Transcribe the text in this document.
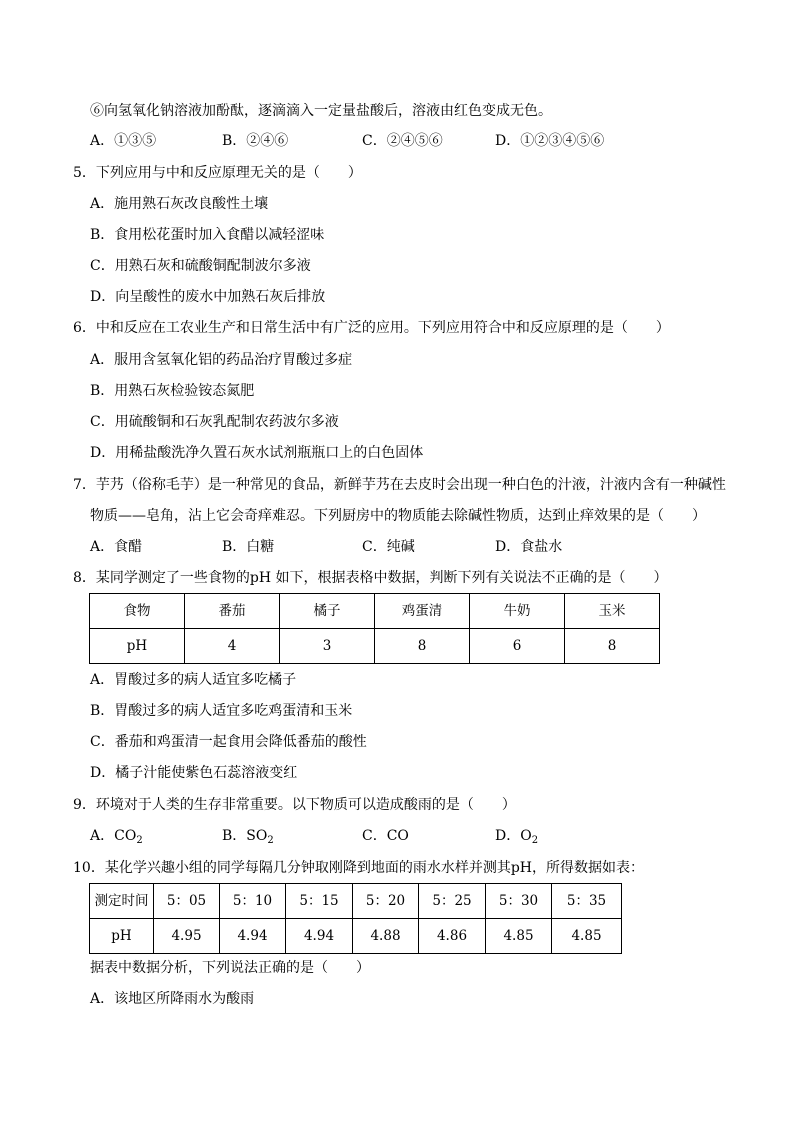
⑥向氢氧化钠溶液加酚酞，逐滴滴入一定量盐酸后，溶液由红色变成无色。
A．①③⑤	B．②④⑥	C．②④⑤⑥	D．①②③④⑤⑥
5．下列应用与中和反应原理无关的是（　　）
A．施用熟石灰改良酸性土壤
B．食用松花蛋时加入食醋以减轻涩味
C．用熟石灰和硫酸铜配制波尔多液
D．向呈酸性的废水中加熟石灰后排放
6．中和反应在工农业生产和日常生活中有广泛的应用。下列应用符合中和反应原理的是（　　）
A．服用含氢氧化铝的药品治疗胃酸过多症
B．用熟石灰检验铵态氮肥
C．用硫酸铜和石灰乳配制农药波尔多液
D．用稀盐酸洗净久置石灰水试剂瓶瓶口上的白色固体
7．芋艿（俗称毛芋）是一种常见的食品，新鲜芋艿在去皮时会出现一种白色的汁液，汁液内含有一种碱性
物质——皂角，沾上它会奇痒难忍。下列厨房中的物质能去除碱性物质，达到止痒效果的是（　　）
A．食醋	B．白糖	C．纯碱	D．食盐水
8．某同学测定了一些食物的pH 如下，根据表格中数据，判断下列有关说法不正确的是（　　）
食物	番茄	橘子	鸡蛋清	牛奶	玉米
pH	4	3	8	6	8
A．胃酸过多的病人适宜多吃橘子
B．胃酸过多的病人适宜多吃鸡蛋清和玉米
C．番茄和鸡蛋清一起食用会降低番茄的酸性
D．橘子汁能使紫色石蕊溶液变红
9．环境对于人类的生存非常重要。以下物质可以造成酸雨的是（　　）
A．$CO_2$	B．$SO_2$	C．CO	D．$O_2$
10．某化学兴趣小组的同学每隔几分钟取刚降到地面的雨水水样并测其pH，所得数据如表：
测定时间	5：05	5：10	5：15	5：20	5：25	5：30	5：35
pH	4.95	4.94	4.94	4.88	4.86	4.85	4.85
据表中数据分析，下列说法正确的是（　　）
A．该地区所降雨水为酸雨
